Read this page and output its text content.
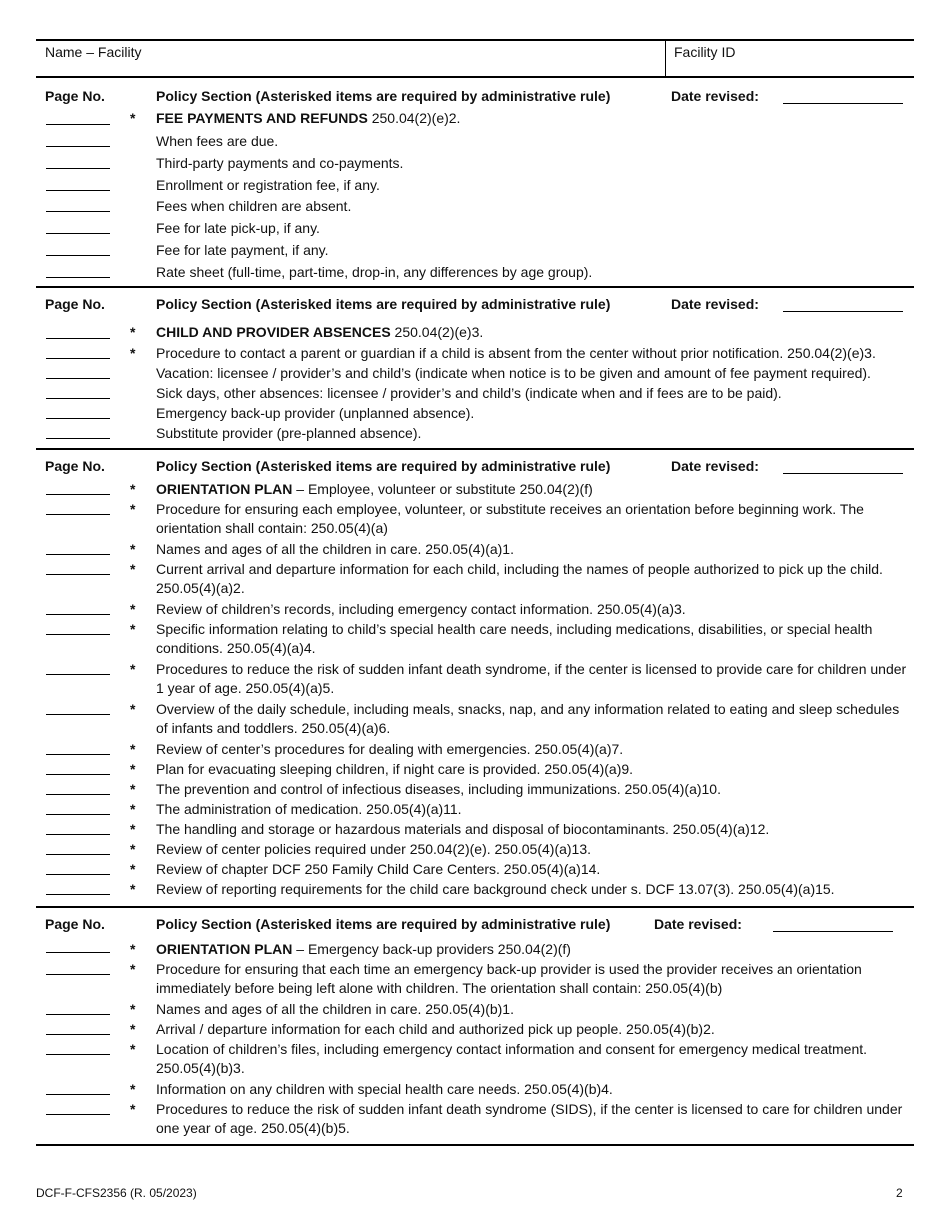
Name – Facility	Facility ID
Page No.	Policy Section (Asterisked items are required by administrative rule)	Date revised:
* FEE PAYMENTS AND REFUNDS 250.04(2)(e)2.
When fees are due.
Third-party payments and co-payments.
Enrollment or registration fee, if any.
Fees when children are absent.
Fee for late pick-up, if any.
Fee for late payment, if any.
Rate sheet (full-time, part-time, drop-in, any differences by age group).
Page No.	Policy Section (Asterisked items are required by administrative rule)	Date revised:
* CHILD AND PROVIDER ABSENCES 250.04(2)(e)3.
* Procedure to contact a parent or guardian if a child is absent from the center without prior notification. 250.04(2)(e)3.
Vacation: licensee / provider’s and child’s (indicate when notice is to be given and amount of fee payment required).
Sick days, other absences: licensee / provider’s and child’s (indicate when and if fees are to be paid).
Emergency back-up provider (unplanned absence).
Substitute provider (pre-planned absence).
Page No.	Policy Section (Asterisked items are required by administrative rule)	Date revised:
* ORIENTATION PLAN – Employee, volunteer or substitute 250.04(2)(f)
* Procedure for ensuring each employee, volunteer, or substitute receives an orientation before beginning work. The orientation shall contain: 250.05(4)(a)
* Names and ages of all the children in care. 250.05(4)(a)1.
* Current arrival and departure information for each child, including the names of people authorized to pick up the child. 250.05(4)(a)2.
* Review of children’s records, including emergency contact information. 250.05(4)(a)3.
* Specific information relating to child’s special health care needs, including medications, disabilities, or special health conditions. 250.05(4)(a)4.
* Procedures to reduce the risk of sudden infant death syndrome, if the center is licensed to provide care for children under 1 year of age. 250.05(4)(a)5.
* Overview of the daily schedule, including meals, snacks, nap, and any information related to eating and sleep schedules of infants and toddlers. 250.05(4)(a)6.
* Review of center’s procedures for dealing with emergencies. 250.05(4)(a)7.
* Plan for evacuating sleeping children, if night care is provided. 250.05(4)(a)9.
* The prevention and control of infectious diseases, including immunizations. 250.05(4)(a)10.
* The administration of medication. 250.05(4)(a)11.
* The handling and storage or hazardous materials and disposal of biocontaminants. 250.05(4)(a)12.
* Review of center policies required under 250.04(2)(e). 250.05(4)(a)13.
* Review of chapter DCF 250 Family Child Care Centers. 250.05(4)(a)14.
* Review of reporting requirements for the child care background check under s. DCF 13.07(3). 250.05(4)(a)15.
Page No.	Policy Section (Asterisked items are required by administrative rule)	Date revised:
* ORIENTATION PLAN – Emergency back-up providers 250.04(2)(f)
* Procedure for ensuring that each time an emergency back-up provider is used the provider receives an orientation immediately before being left alone with children. The orientation shall contain: 250.05(4)(b)
* Names and ages of all the children in care. 250.05(4)(b)1.
* Arrival / departure information for each child and authorized pick up people. 250.05(4)(b)2.
* Location of children’s files, including emergency contact information and consent for emergency medical treatment. 250.05(4)(b)3.
* Information on any children with special health care needs. 250.05(4)(b)4.
* Procedures to reduce the risk of sudden infant death syndrome (SIDS), if the center is licensed to care for children under one year of age. 250.05(4)(b)5.
DCF-F-CFS2356 (R. 05/2023)	2
